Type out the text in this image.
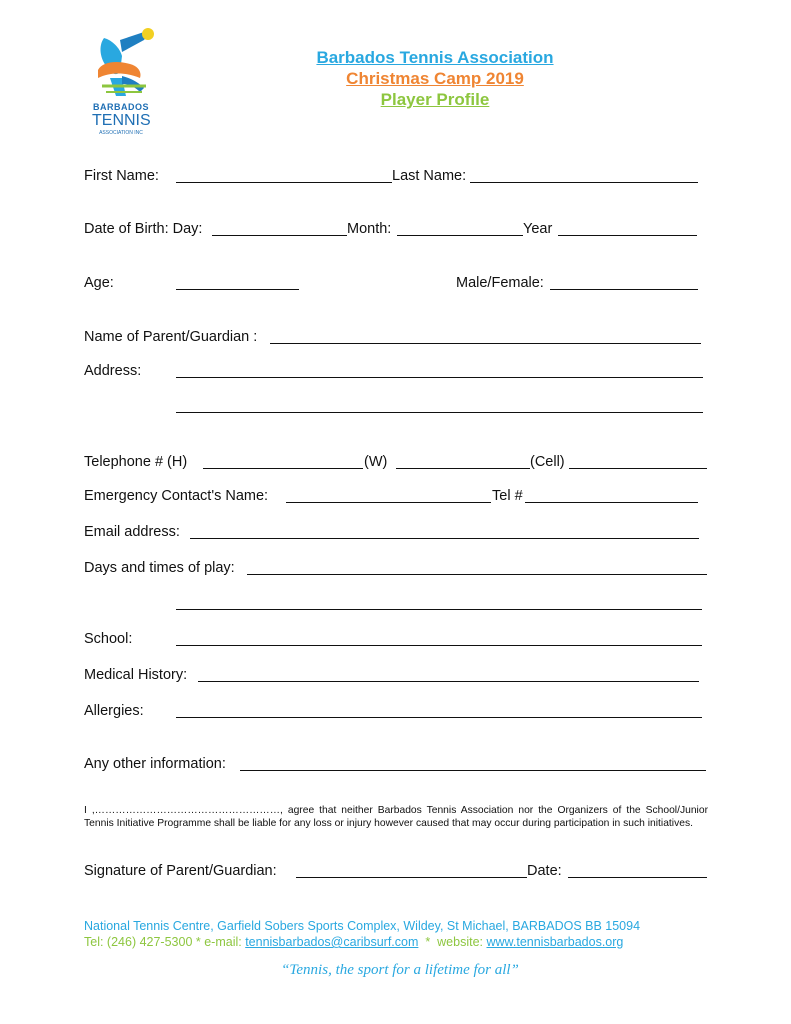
BARBADOS
TENNIS
ASSOCIATION INC
Barbados Tennis Association
Christmas Camp 2019
Player Profile
First Name:	Last Name:
Date of Birth: Day:	Month:	Year
Age:	Male/Female:
Name of Parent/Guardian :
Address:
Telephone # (H)	(W)	(Cell)
Emergency Contact's Name:	Tel #
Email address:
Days and times of play:
School:
Medical History:
Allergies:
Any other information:
I ,………………………………………………, agree that neither Barbados Tennis Association nor the Organizers of the School/Junior Tennis Initiative Programme shall be liable for any loss or injury however caused that may occur during participation in such initiatives.
Signature of Parent/Guardian:	Date:
National Tennis Centre, Garfield Sobers Sports Complex, Wildey, St Michael, BARBADOS BB 15094
Tel: (246) 427-5300 * e-mail: tennisbarbados@caribsurf.com  *  website: www.tennisbarbados.org
“Tennis, the sport for a lifetime for all”
